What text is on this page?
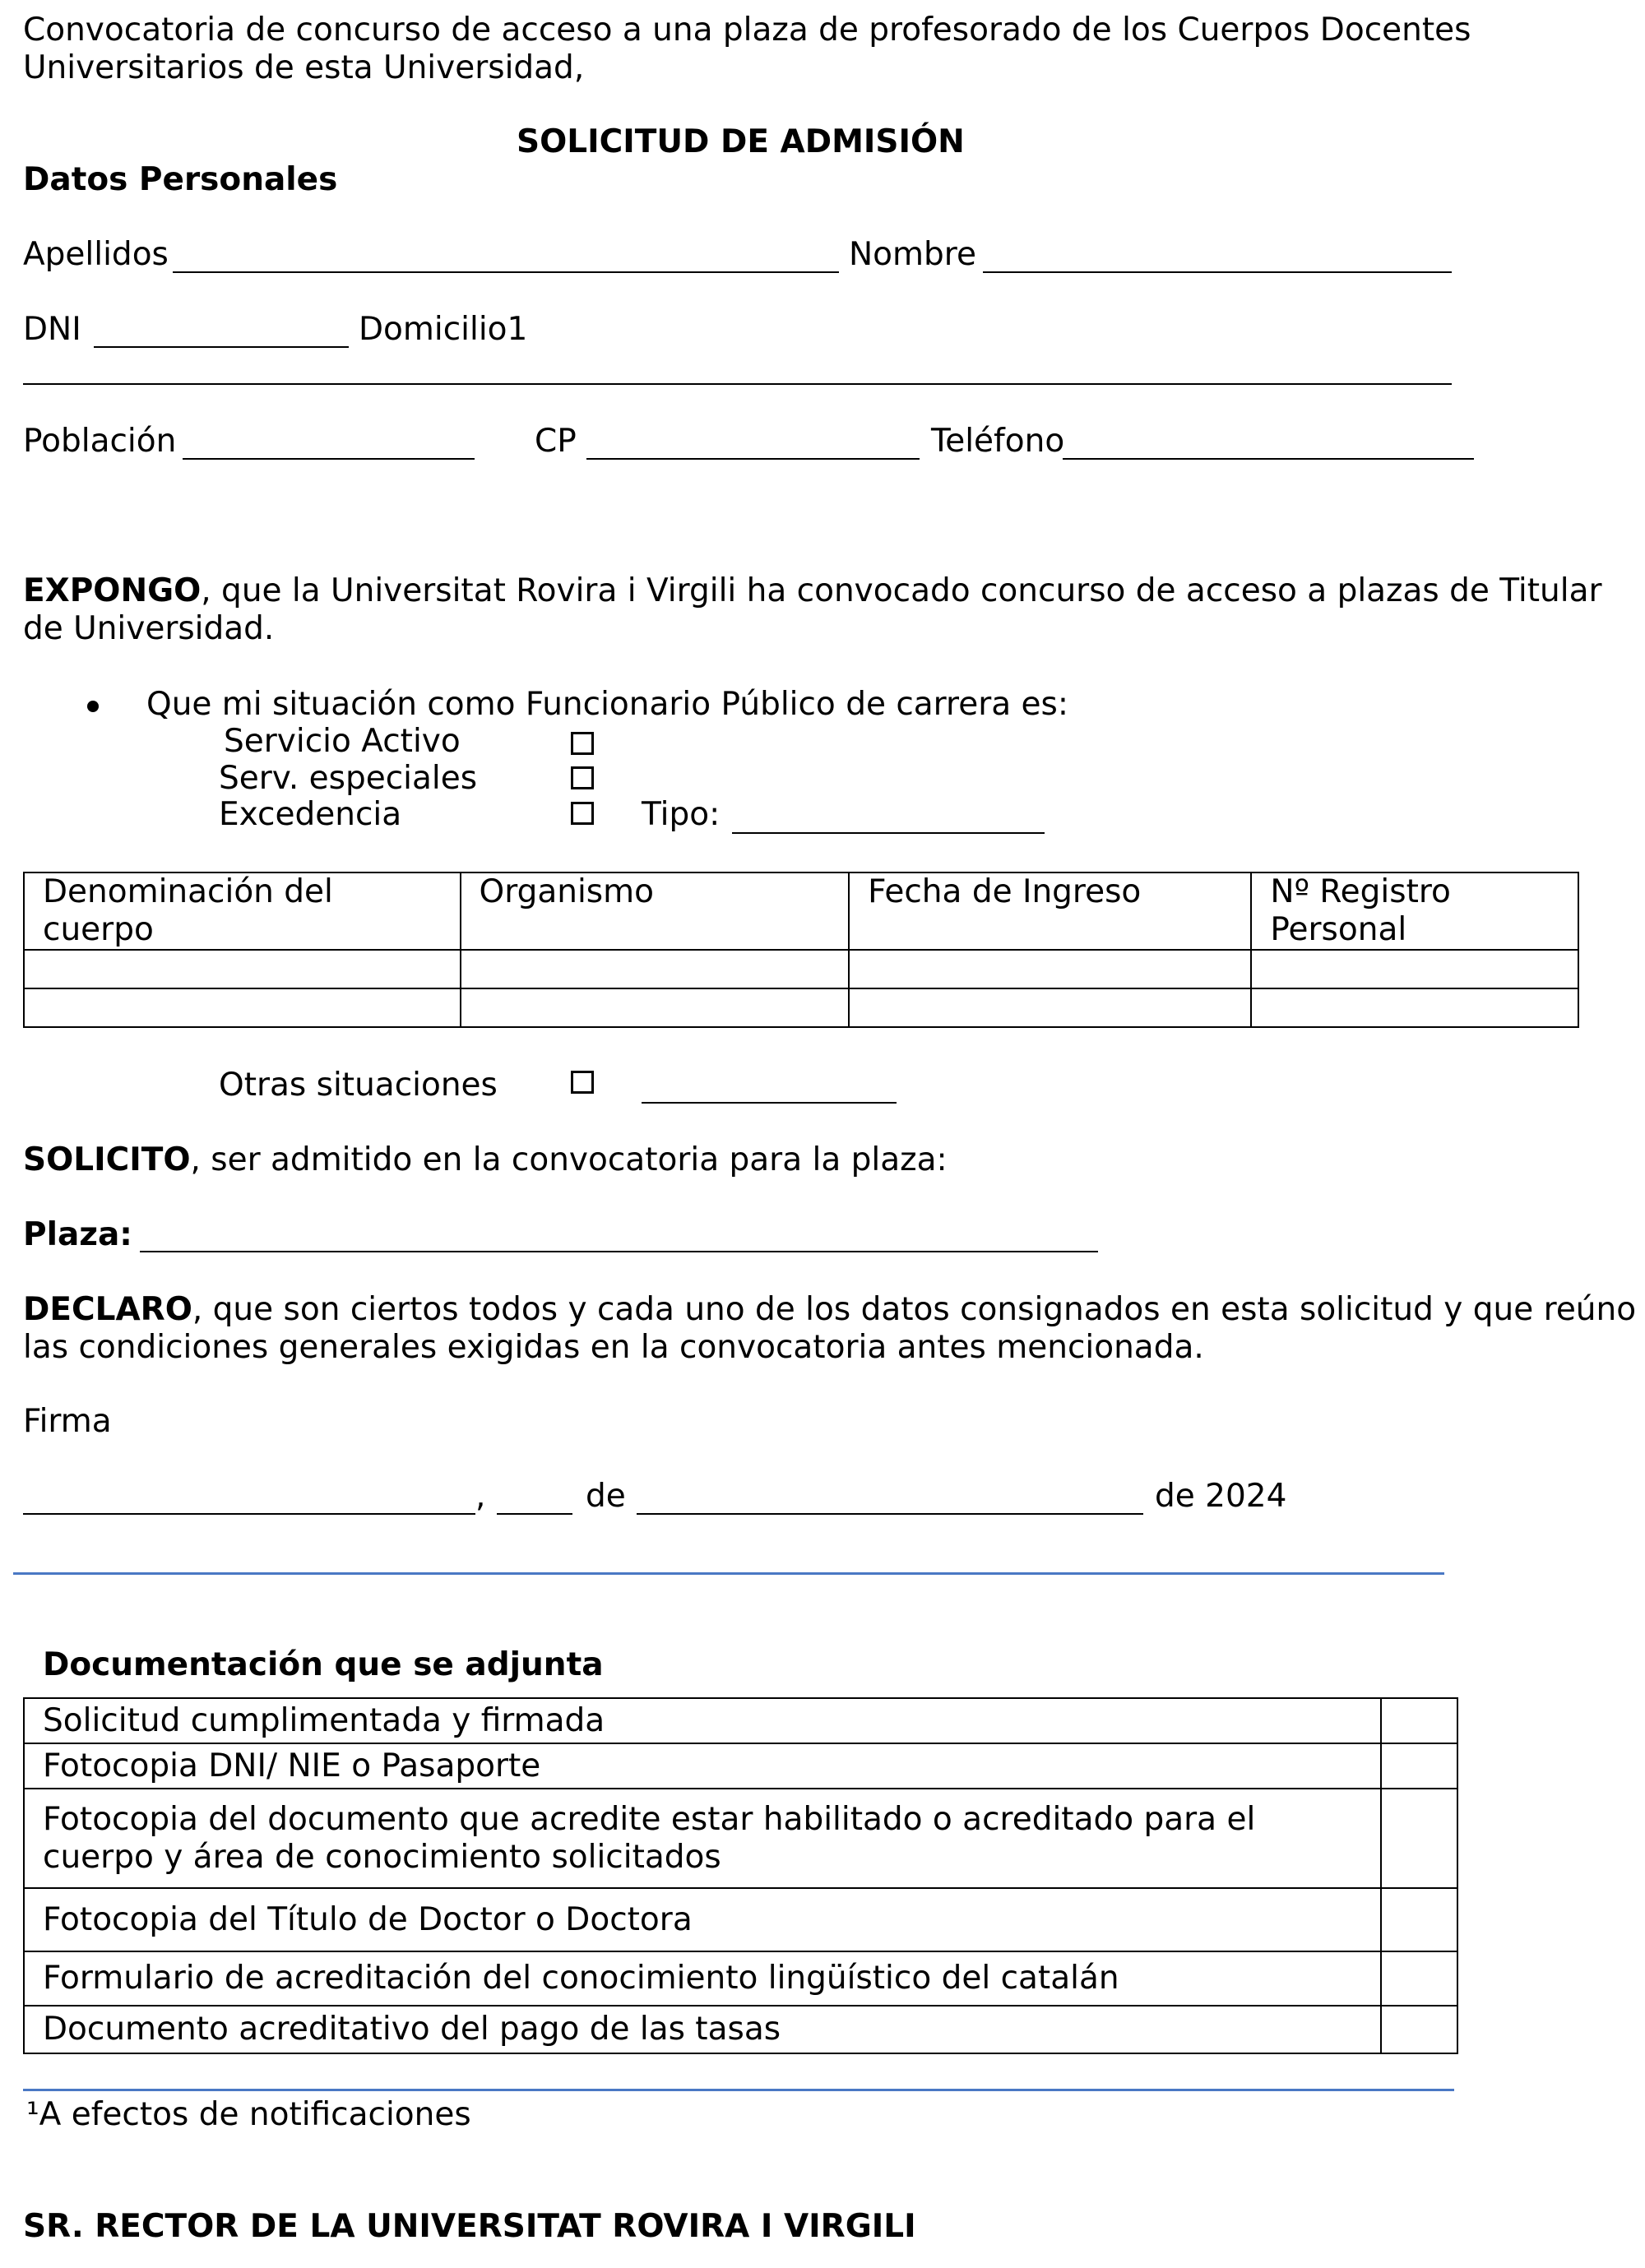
Convocatoria de concurso de acceso a una plaza de profesorado de los Cuerpos Docentes Universitarios de esta Universidad,
SOLICITUD DE ADMISIÓN
Datos Personales
Apellidos	Nombre
DNI	Domicilio1
Población	CP	Teléfono
EXPONGO, que la Universitat Rovira i Virgili ha convocado concurso de acceso a plazas de Titular de Universidad.
Que mi situación como Funcionario Público de carrera es:
Servicio Activo
Serv. especiales
Excedencia	Tipo:
Denominación del cuerpo	Organismo	Fecha de Ingreso	Nº Registro Personal

Otras situaciones
SOLICITO, ser admitido en la convocatoria para la plaza:
Plaza:
DECLARO, que son ciertos todos y cada uno de los datos consignados en esta solicitud y que reúno las condiciones generales exigidas en la convocatoria antes mencionada.
Firma
,	de	de 2024
Documentación que se adjunta
Solicitud cumplimentada y firmada	
Fotocopia DNI/ NIE o Pasaporte	
Fotocopia del documento que acredite estar habilitado o acreditado para el cuerpo y área de conocimiento solicitados	
Fotocopia del Título de Doctor o Doctora	
Formulario de acreditación del conocimiento lingüístico del catalán	
Documento acreditativo del pago de las tasas	
¹A efectos de notificaciones
SR. RECTOR DE LA UNIVERSITAT ROVIRA I VIRGILI
